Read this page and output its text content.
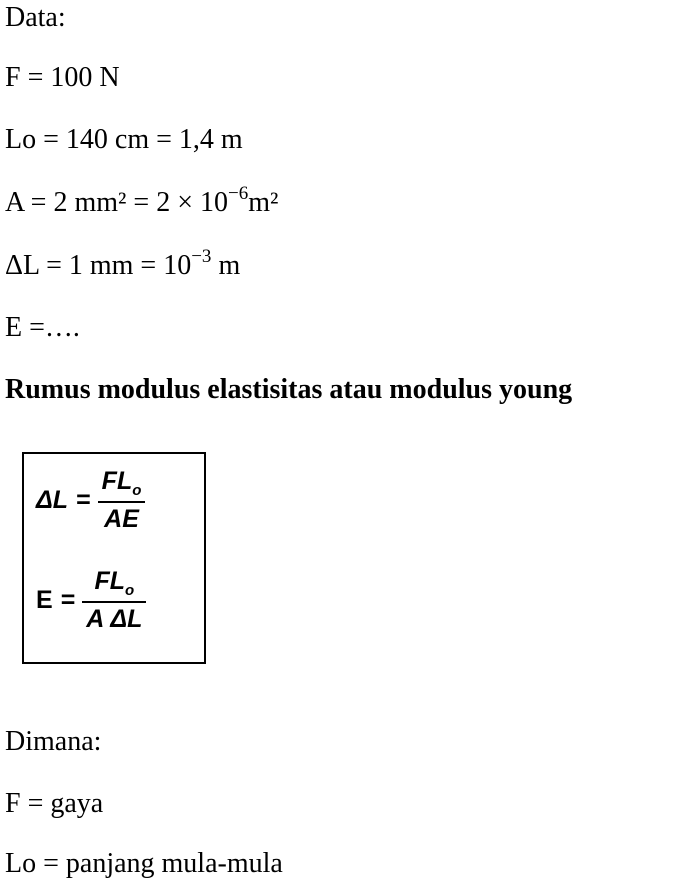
Data:
F = 100 N
Lo = 140 cm = 1,4 m
A = 2 $mm^2 = 2 \times 10^{-6}m^2$
ΔL = 1 mm = $10^{-3}$ m
E =….
Rumus modulus elastisitas atau modulus young
$\Delta L = \frac{FL_o}{AE}$
$E = \frac{FL_o}{\text{A ΔL}}$
Dimana:
F = gaya
Lo = panjang mula-mula
